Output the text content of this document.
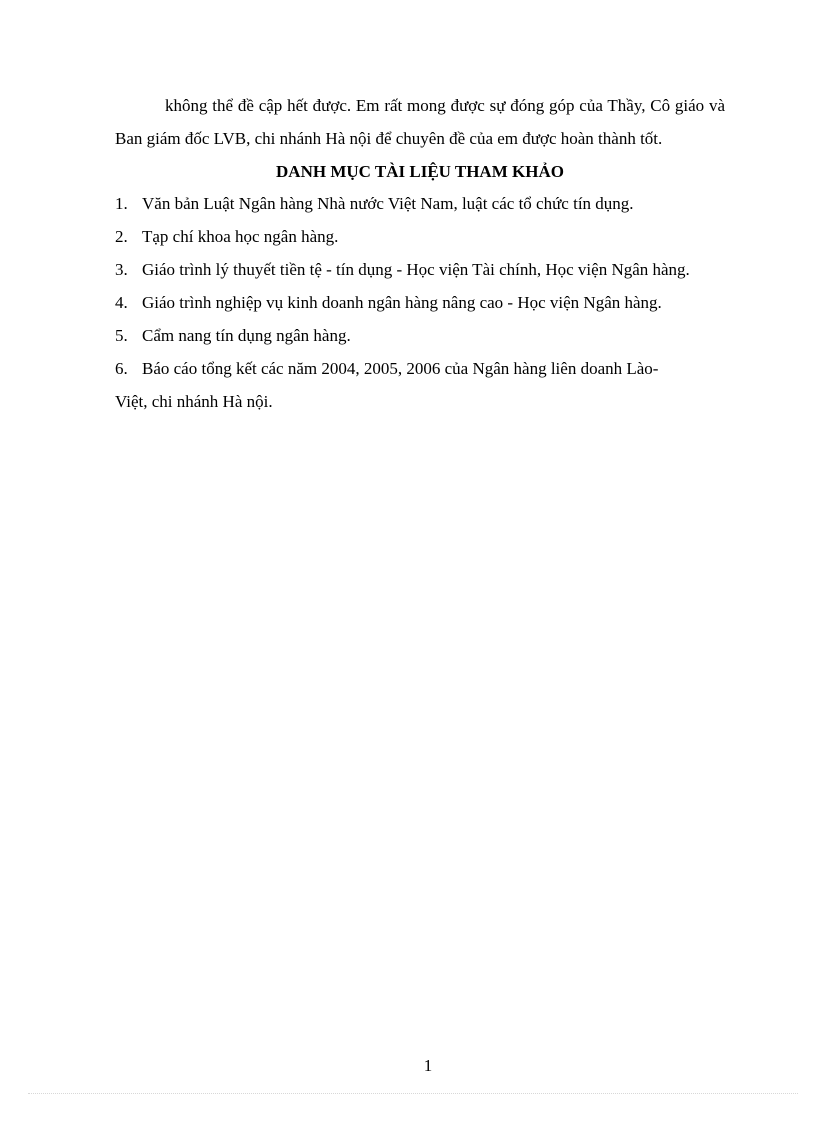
không thể đề cập hết được. Em rất mong được sự đóng góp của Thầy, Cô giáo và Ban giám đốc LVB, chi nhánh Hà nội để chuyên đề của em được hoàn thành tốt.

DANH MỤC TÀI LIỆU THAM KHẢO
1. Văn bản Luật Ngân hàng Nhà nước Việt Nam, luật các tổ chức tín dụng.
2. Tạp chí khoa học ngân hàng.
3. Giáo trình lý thuyết tiền tệ - tín dụng - Học viện Tài chính, Học viện Ngân hàng.
4. Giáo trình nghiệp vụ kinh doanh ngân hàng nâng cao - Học viện Ngân hàng.
5. Cẩm nang tín dụng ngân hàng.
6. Báo cáo tổng kết các năm 2004, 2005, 2006 của Ngân hàng liên doanh Lào-
Việt, chi nhánh Hà nội.
1
